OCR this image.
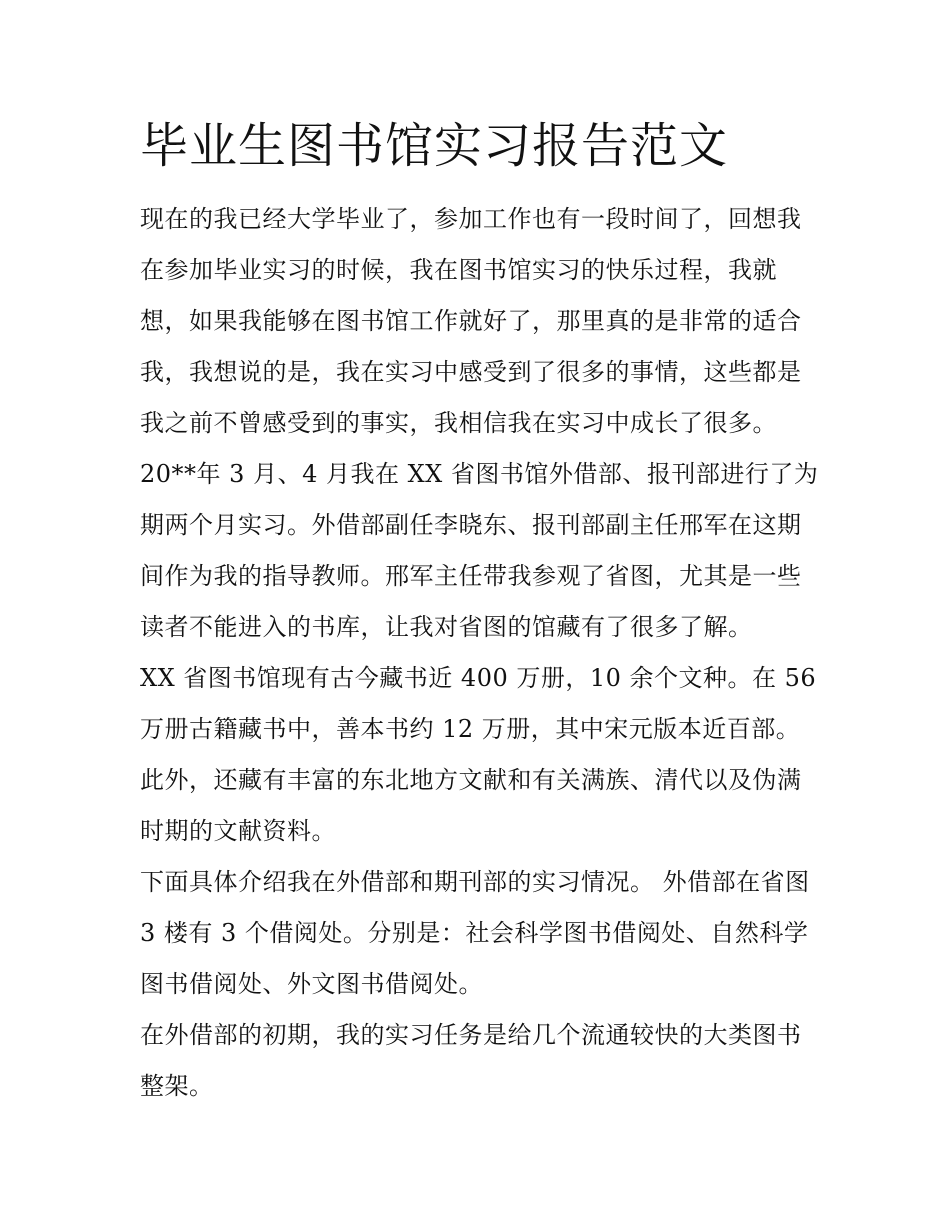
毕业生图书馆实习报告范文

现在的我已经大学毕业了，参加工作也有一段时间了，回想我在参加毕业实习的时候，我在图书馆实习的快乐过程，我就想，如果我能够在图书馆工作就好了，那里真的是非常的适合我，我想说的是，我在实习中感受到了很多的事情，这些都是我之前不曾感受到的事实，我相信我在实习中成长了很多。

20**年 3 月、4 月我在 XX 省图书馆外借部、报刊部进行了为期两个月实习。外借部副任李晓东、报刊部副主任邢军在这期间作为我的指导教师。邢军主任带我参观了省图，尤其是一些读者不能进入的书库，让我对省图的馆藏有了很多了解。

XX 省图书馆现有古今藏书近 400 万册，10 余个文种。在 56 万册古籍藏书中，善本书约 12 万册，其中宋元版本近百部。此外，还藏有丰富的东北地方文献和有关满族、清代以及伪满时期的文献资料。

下面具体介绍我在外借部和期刊部的实习情况。 外借部在省图 3 楼有 3 个借阅处。分别是：社会科学图书借阅处、自然科学图书借阅处、外文图书借阅处。

在外借部的初期，我的实习任务是给几个流通较快的大类图书整架。
